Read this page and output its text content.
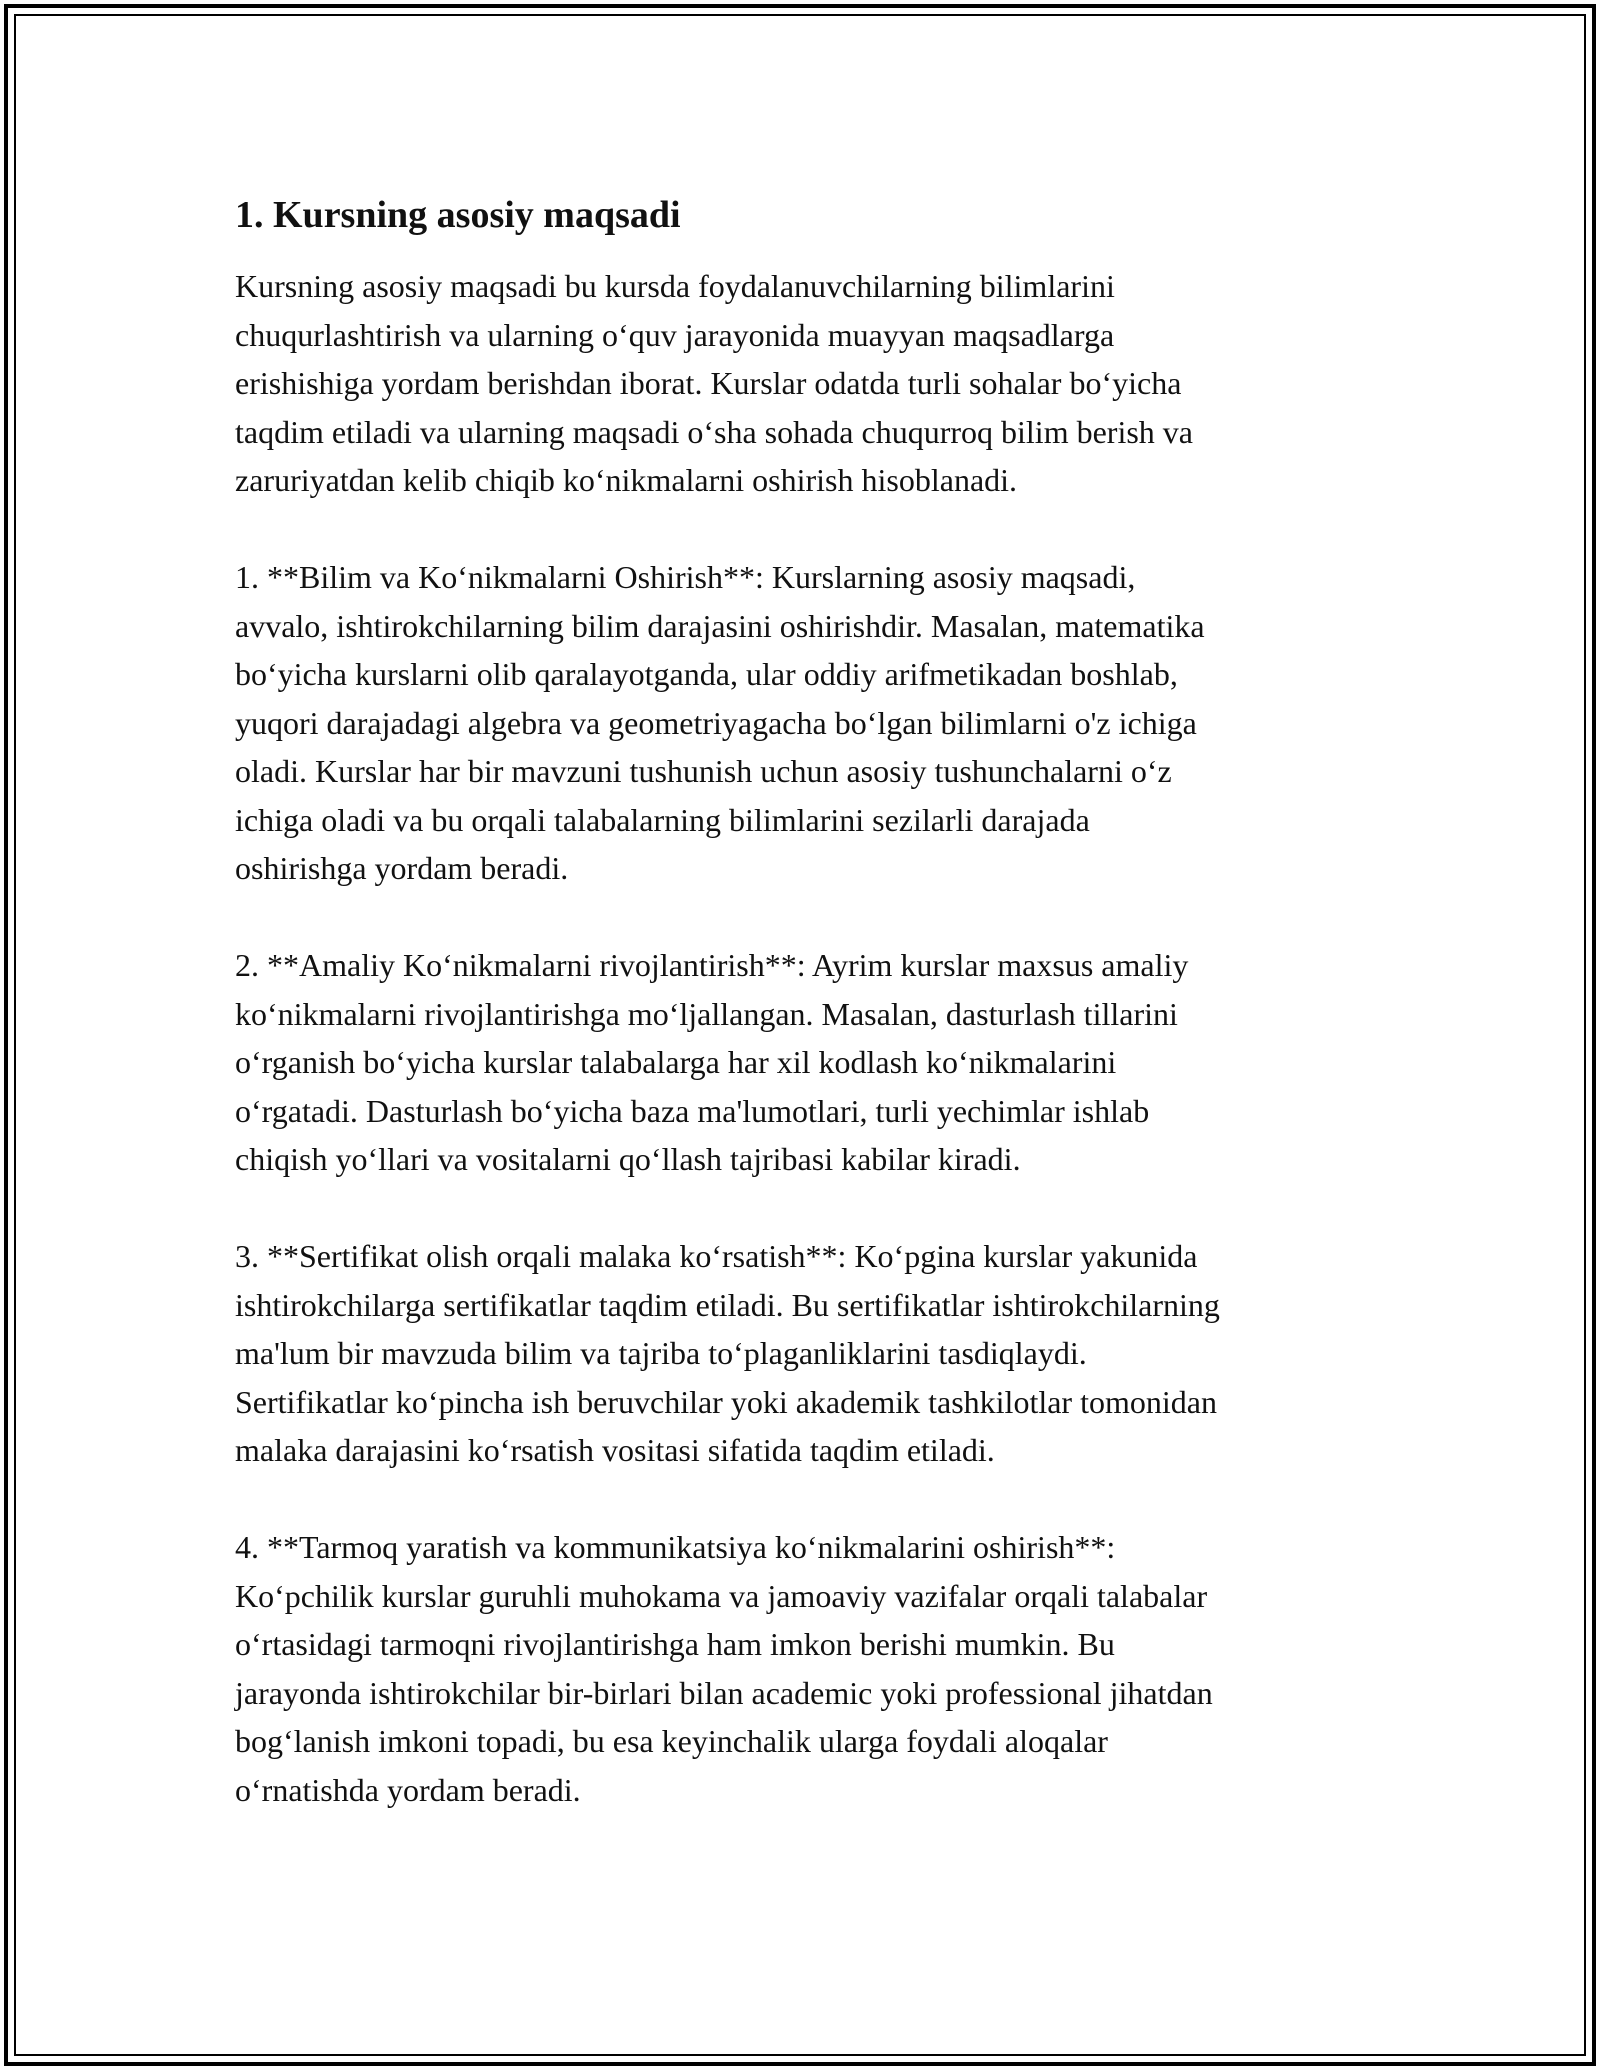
1. Kursning asosiy maqsadi

Kursning asosiy maqsadi bu kursda foydalanuvchilarning bilimlarini
chuqurlashtirish va ularning o‘quv jarayonida muayyan maqsadlarga
erishishiga yordam berishdan iborat. Kurslar odatda turli sohalar bo‘yicha
taqdim etiladi va ularning maqsadi o‘sha sohada chuqurroq bilim berish va
zaruriyatdan kelib chiqib ko‘nikmalarni oshirish hisoblanadi.

1. **Bilim va Ko‘nikmalarni Oshirish**: Kurslarning asosiy maqsadi,
avvalo, ishtirokchilarning bilim darajasini oshirishdir. Masalan, matematika
bo‘yicha kurslarni olib qaralayotganda, ular oddiy arifmetikadan boshlab,
yuqori darajadagi algebra va geometriyagacha bo‘lgan bilimlarni o'z ichiga
oladi. Kurslar har bir mavzuni tushunish uchun asosiy tushunchalarni o‘z
ichiga oladi va bu orqali talabalarning bilimlarini sezilarli darajada
oshirishga yordam beradi.

2. **Amaliy Ko‘nikmalarni rivojlantirish**: Ayrim kurslar maxsus amaliy
ko‘nikmalarni rivojlantirishga mo‘ljallangan. Masalan, dasturlash tillarini
o‘rganish bo‘yicha kurslar talabalarga har xil kodlash ko‘nikmalarini
o‘rgatadi. Dasturlash bo‘yicha baza ma'lumotlari, turli yechimlar ishlab
chiqish yo‘llari va vositalarni qo‘llash tajribasi kabilar kiradi.

3. **Sertifikat olish orqali malaka ko‘rsatish**: Ko‘pgina kurslar yakunida
ishtirokchilarga sertifikatlar taqdim etiladi. Bu sertifikatlar ishtirokchilarning
ma'lum bir mavzuda bilim va tajriba to‘plaganliklarini tasdiqlaydi.
Sertifikatlar ko‘pincha ish beruvchilar yoki akademik tashkilotlar tomonidan
malaka darajasini ko‘rsatish vositasi sifatida taqdim etiladi.

4. **Tarmoq yaratish va kommunikatsiya ko‘nikmalarini oshirish**:
Ko‘pchilik kurslar guruhli muhokama va jamoaviy vazifalar orqali talabalar
o‘rtasidagi tarmoqni rivojlantirishga ham imkon berishi mumkin. Bu
jarayonda ishtirokchilar bir-birlari bilan academic yoki professional jihatdan
bog‘lanish imkoni topadi, bu esa keyinchalik ularga foydali aloqalar
o‘rnatishda yordam beradi.
